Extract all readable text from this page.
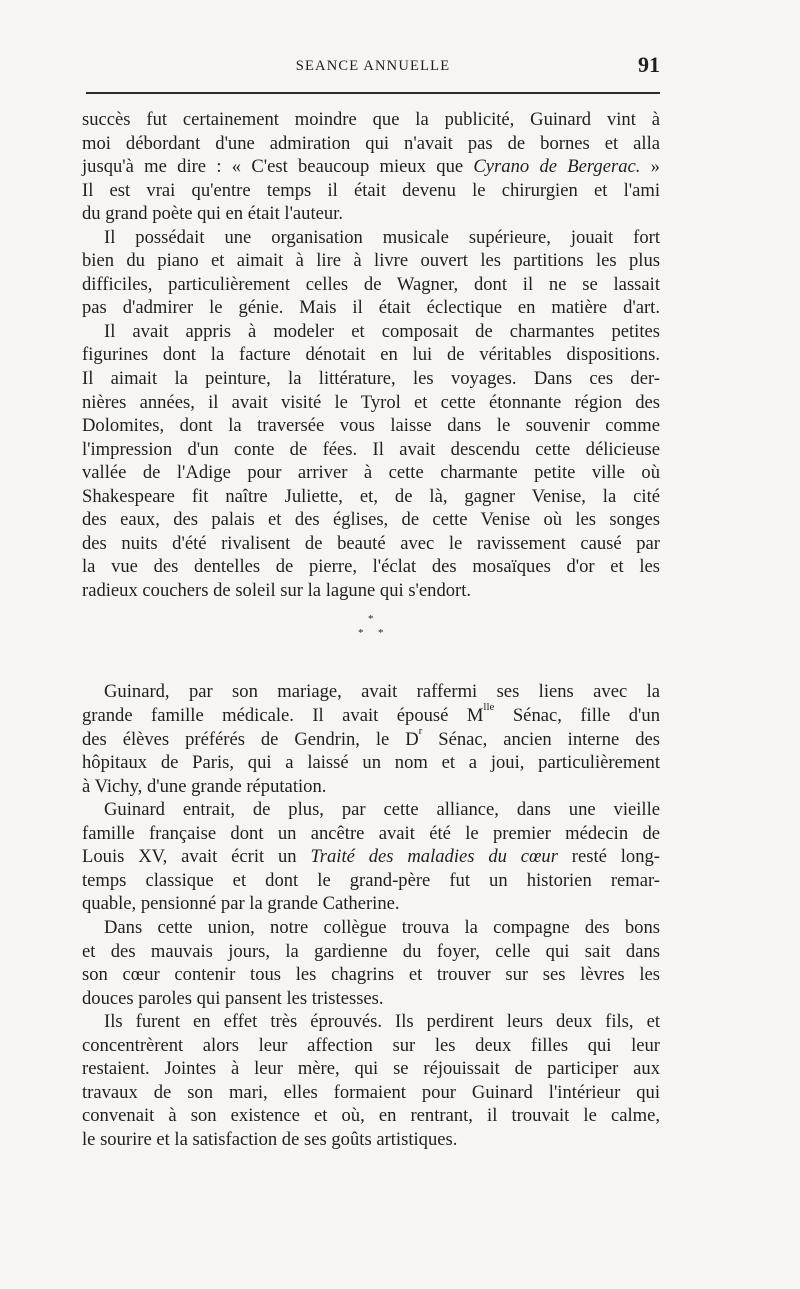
SEANCE ANNUELLE	91

succès fut certainement moindre que la publicité, Guinard vint à
moi débordant d'une admiration qui n'avait pas de bornes et alla
jusqu'à me dire : « C'est beaucoup mieux que Cyrano de Bergerac. »
Il est vrai qu'entre temps il était devenu le chirurgien et l'ami
du grand poète qui en était l'auteur.

Il possédait une organisation musicale supérieure, jouait fort
bien du piano et aimait à lire à livre ouvert les partitions les plus
difficiles, particulièrement celles de Wagner, dont il ne se lassait
pas d'admirer le génie. Mais il était éclectique en matière d'art.

Il avait appris à modeler et composait de charmantes petites
figurines dont la facture dénotait en lui de véritables dispositions.
Il aimait la peinture, la littérature, les voyages. Dans ces der-
nières années, il avait visité le Tyrol et cette étonnante région des
Dolomites, dont la traversée vous laisse dans le souvenir comme
l'impression d'un conte de fées. Il avait descendu cette délicieuse
vallée de l'Adige pour arriver à cette charmante petite ville où
Shakespeare fit naître Juliette, et, de là, gagner Venise, la cité
des eaux, des palais et des églises, de cette Venise où les songes
des nuits d'été rivalisent de beauté avec le ravissement causé par
la vue des dentelles de pierre, l'éclat des mosaïques d'or et les
radieux couchers de soleil sur la lagune qui s'endort.

*
* *

Guinard, par son mariage, avait raffermi ses liens avec la
grande famille médicale. Il avait épousé $M^{lle}$ Sénac, fille d'un
des élèves préférés de Gendrin, le $D^r$ Sénac, ancien interne des
hôpitaux de Paris, qui a laissé un nom et a joui, particulièrement
à Vichy, d'une grande réputation.

Guinard entrait, de plus, par cette alliance, dans une vieille
famille française dont un ancêtre avait été le premier médecin de
Louis XV, avait écrit un Traité des maladies du cœur resté long-
temps classique et dont le grand-père fut un historien remar-
quable, pensionné par la grande Catherine.

Dans cette union, notre collègue trouva la compagne des bons
et des mauvais jours, la gardienne du foyer, celle qui sait dans
son cœur contenir tous les chagrins et trouver sur ses lèvres les
douces paroles qui pansent les tristesses.

Ils furent en effet très éprouvés. Ils perdirent leurs deux fils, et
concentrèrent alors leur affection sur les deux filles qui leur
restaient. Jointes à leur mère, qui se réjouissait de participer aux
travaux de son mari, elles formaient pour Guinard l'intérieur qui
convenait à son existence et où, en rentrant, il trouvait le calme,
le sourire et la satisfaction de ses goûts artistiques.
